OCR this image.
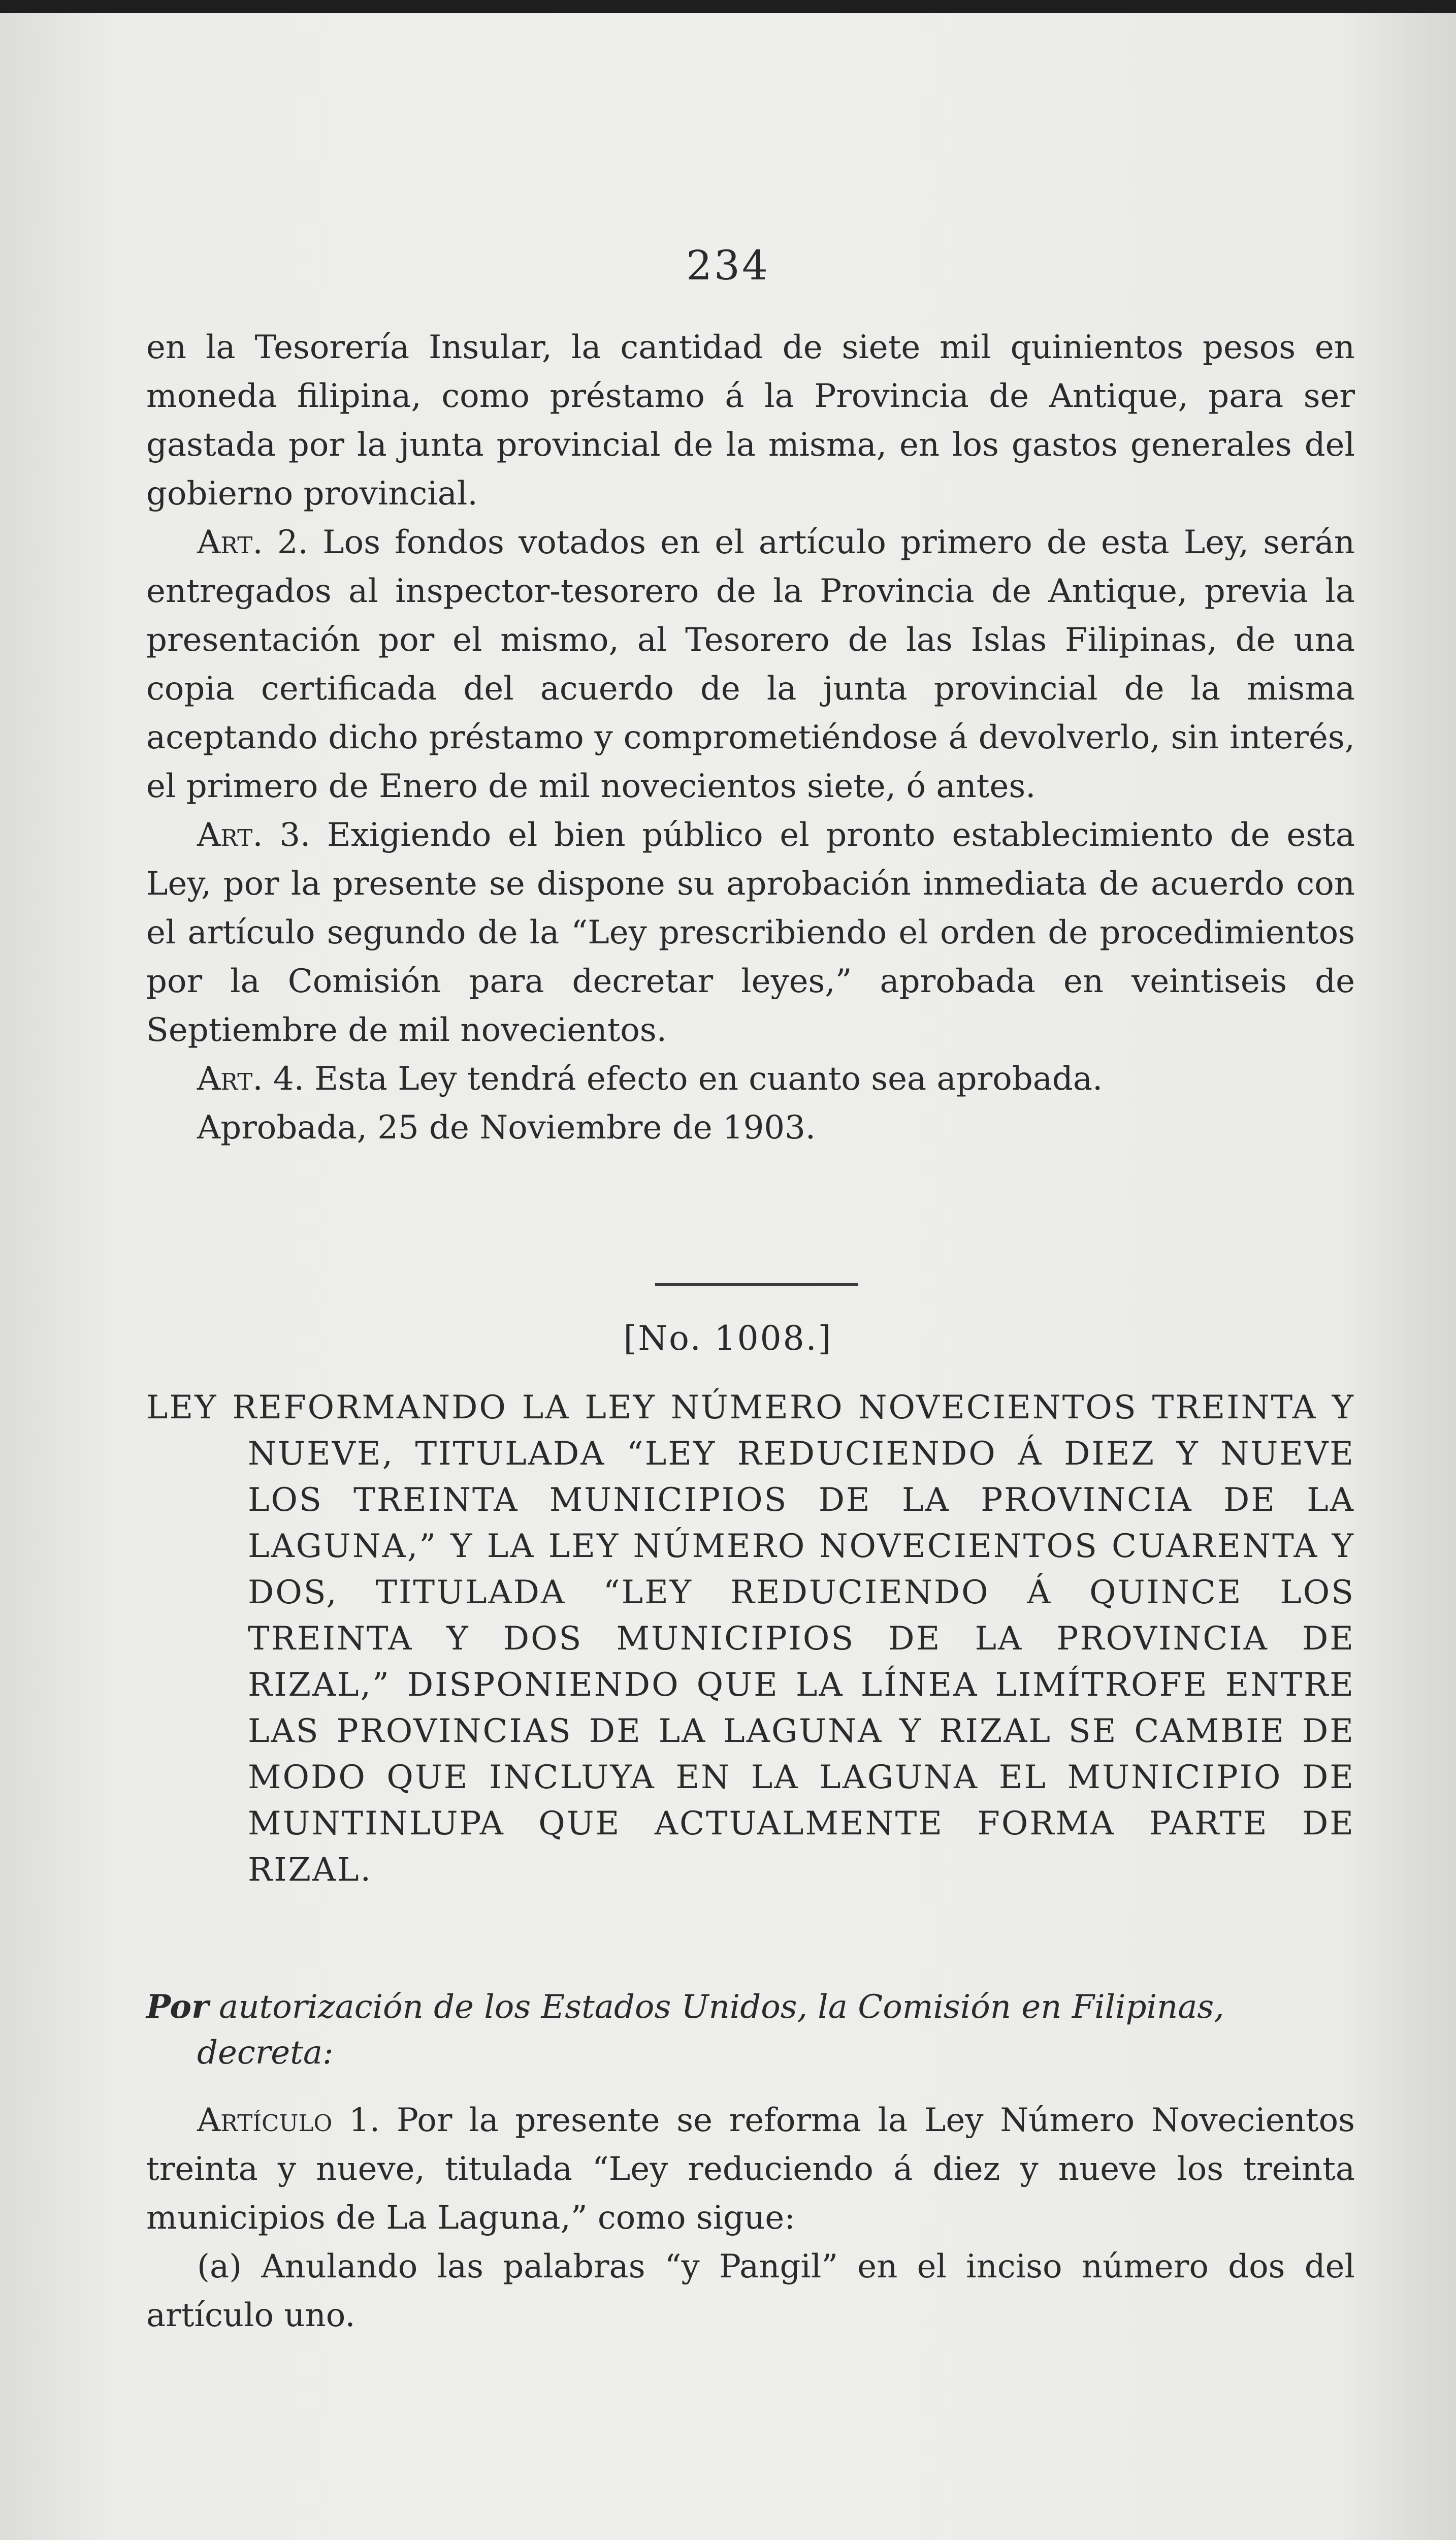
234

en la Tesorería Insular, la cantidad de siete mil quinientos pesos en moneda filipina, como préstamo á la Provincia de Antique, para ser gastada por la junta provincial de la misma, en los gastos generales del gobierno provincial.

Art. 2. Los fondos votados en el artículo primero de esta Ley, serán entregados al inspector-tesorero de la Provincia de Antique, previa la presentación por el mismo, al Tesorero de las Islas Filipinas, de una copia certificada del acuerdo de la junta provincial de la misma aceptando dicho préstamo y comprometiéndose á devolverlo, sin interés, el primero de Enero de mil novecientos siete, ó antes.

Art. 3. Exigiendo el bien público el pronto establecimiento de esta Ley, por la presente se dispone su aprobación inmediata de acuerdo con el artículo segundo de la “Ley prescribiendo el orden de procedimientos por la Comisión para decretar leyes,” aprobada en veintiseis de Septiembre de mil novecientos.

Art. 4. Esta Ley tendrá efecto en cuanto sea aprobada.

Aprobada, 25 de Noviembre de 1903.

[No. 1008.]
LEY REFORMANDO LA LEY NÚMERO NOVECIENTOS TREINTA Y NUEVE, TITULADA “LEY REDUCIENDO Á DIEZ Y NUEVE LOS TREINTA MUNICIPIOS DE LA PROVINCIA DE LA LAGUNA,” Y LA LEY NÚMERO NOVECIENTOS CUARENTA Y DOS, TITULADA “LEY REDUCIENDO Á QUINCE LOS TREINTA Y DOS MUNICIPIOS DE LA PROVINCIA DE RIZAL,” DISPONIENDO QUE LA LÍNEA LIMÍTROFE ENTRE LAS PROVINCIAS DE LA LAGUNA Y RIZAL SE CAMBIE DE MODO QUE INCLUYA EN LA LAGUNA EL MUNICIPIO DE MUNTINLUPA QUE ACTUALMENTE FORMA PARTE DE RIZAL.
Por autorización de los Estados Unidos, la Comisión en Filipinas, decreta:

Artículo 1. Por la presente se reforma la Ley Número Novecientos treinta y nueve, titulada “Ley reduciendo á diez y nueve los treinta municipios de La Laguna,” como sigue:

(a) Anulando las palabras “y Pangil” en el inciso número dos del artículo uno.
